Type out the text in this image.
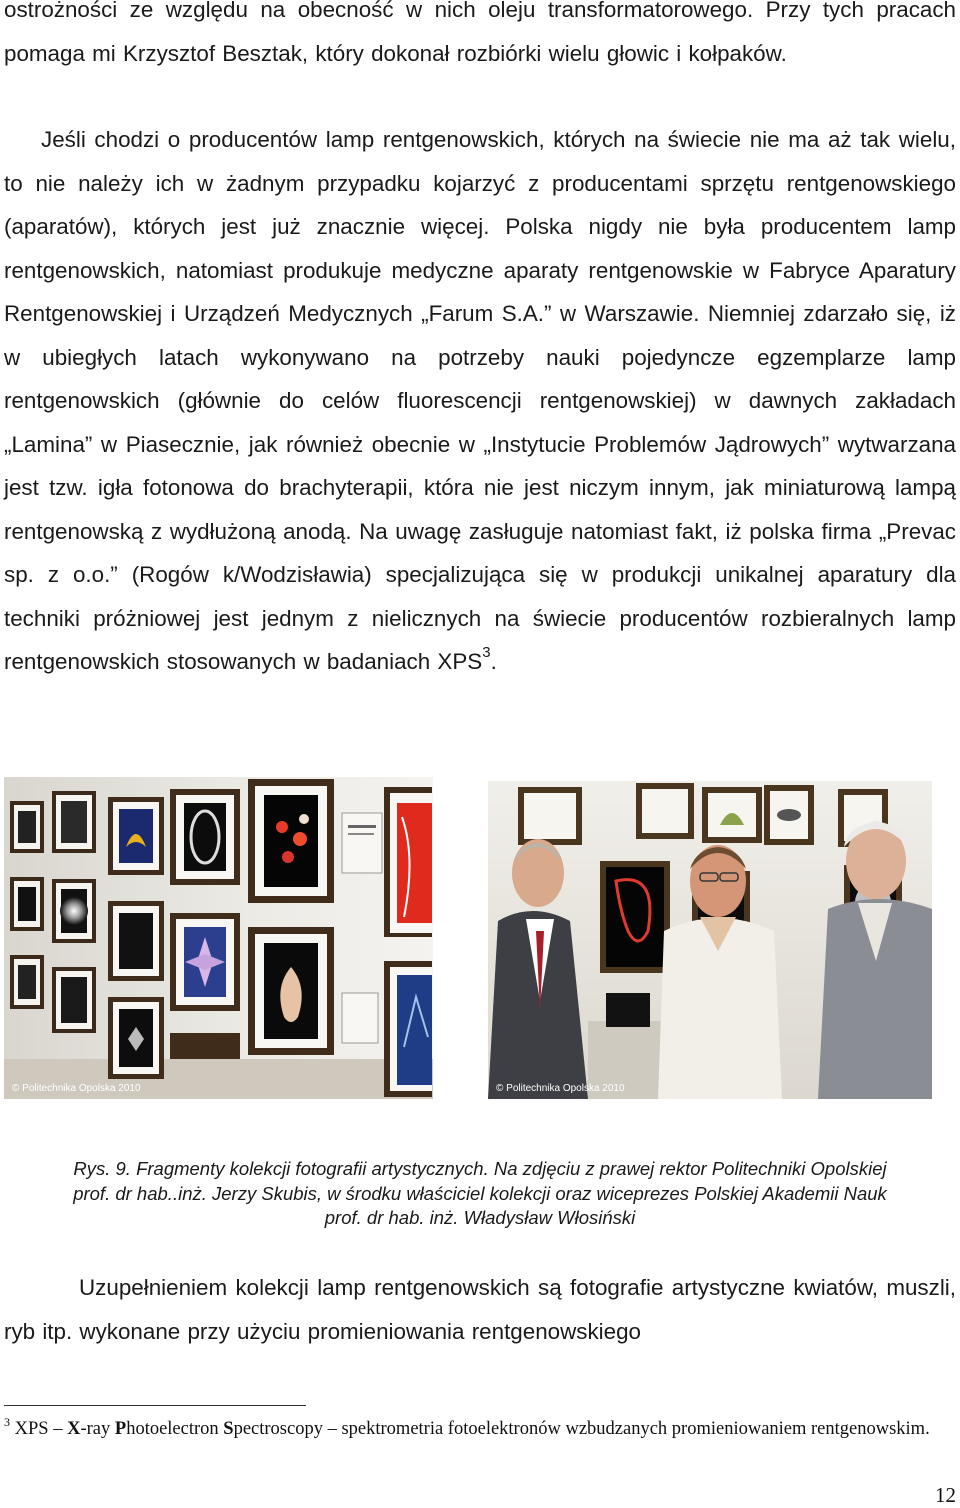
ostrożności ze względu na obecność w nich oleju transformatorowego. Przy tych pracach pomaga mi Krzysztof Besztak, który dokonał rozbiórki wielu głowic i kołpaków.

Jeśli chodzi o producentów lamp rentgenowskich, których na świecie nie ma aż tak wielu, to nie należy ich w żadnym przypadku kojarzyć z producentami sprzętu rentgenowskiego (aparatów), których jest już znacznie więcej. Polska nigdy nie była producentem lamp rentgenowskich, natomiast produkuje medyczne aparaty rentgenowskie w Fabryce Aparatury Rentgenowskiej i Urządzeń Medycznych „Farum S.A.” w Warszawie. Niemniej zdarzało się, iż w ubiegłych latach wykonywano na potrzeby nauki pojedyncze egzemplarze lamp rentgenowskich (głównie do celów fluorescencji rentgenowskiej) w dawnych zakładach „Lamina” w Piasecznie, jak również obecnie w „Instytucie Problemów Jądrowych” wytwarzana jest tzw. igła fotonowa do brachyterapii, która nie jest niczym innym, jak miniaturową lampą rentgenowską z wydłużoną anodą. Na uwagę zasługuje natomiast fakt, iż polska firma „Prevac sp. z o.o.” (Rogów k/Wodzisławia) specjalizująca się w produkcji unikalnej aparatury dla techniki próżniowej jest jednym z nielicznych na świecie producentów rozbieralnych lamp rentgenowskich stosowanych w badaniach XPS$^3$.

© Politechnika Opolska 2010	© Politechnika Opolska 2010

Rys. 9. Fragmenty kolekcji fotografii artystycznych. Na zdjęciu z prawej rektor Politechniki Opolskiej
prof. dr hab..inż. Jerzy Skubis, w środku właściciel kolekcji oraz wiceprezes Polskiej Akademii Nauk
prof. dr hab. inż. Władysław Włosiński

Uzupełnieniem kolekcji lamp rentgenowskich są fotografie artystyczne kwiatów, muszli, ryb itp. wykonane przy użyciu promieniowania rentgenowskiego

$^3$ XPS – X-ray Photoelectron Spectroscopy – spektrometria fotoelektronów wzbudzanych promieniowaniem rentgenowskim.

12
